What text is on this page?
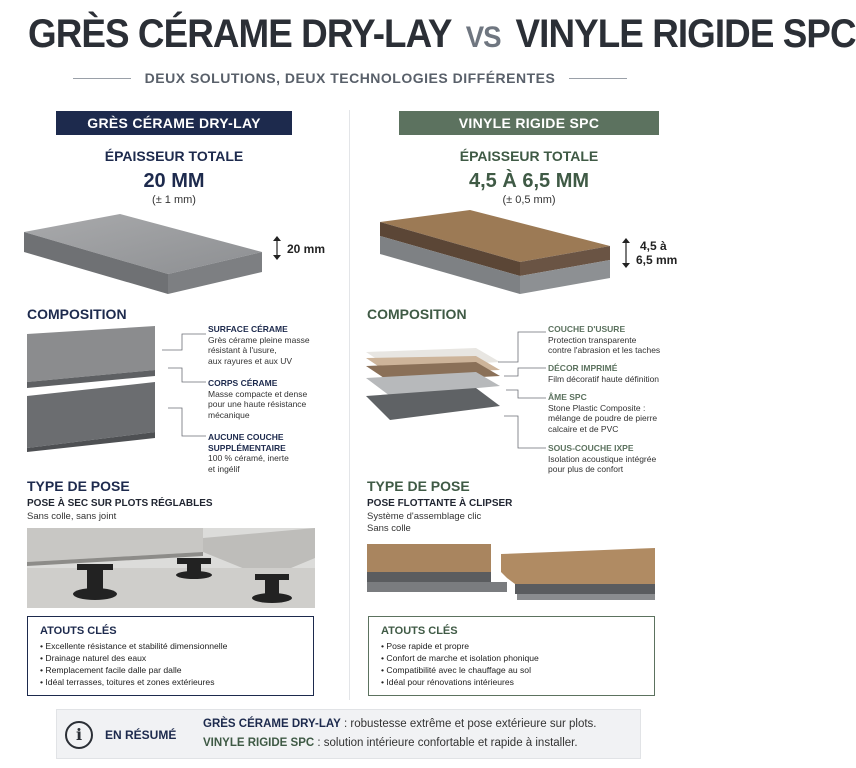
GRÈS CÉRAME DRY-LAY VS VINYLE RIGIDE SPC
DEUX SOLUTIONS, DEUX TECHNOLOGIES DIFFÉRENTES
GRÈS CÉRAME DRY-LAY	VINYLE RIGIDE SPC
ÉPAISSEUR TOTALE
20 MM
(± 1 mm)
ÉPAISSEUR TOTALE
4,5 À 6,5 MM
(± 0,5 mm)
20 mm	4,5 à
6,5 mm
COMPOSITION	COMPOSITION
SURFACE CÉRAME
Grès cérame pleine masse
résistant à l'usure,
aux rayures et aux UV
CORPS CÉRAME
Masse compacte et dense
pour une haute résistance
mécanique
AUCUNE COUCHE
SUPPLÉMENTAIRE
100 % céramé, inerte
et ingélif
COUCHE D'USURE
Protection transparente
contre l'abrasion et les taches
DÉCOR IMPRIMÉ
Film décoratif haute définition
ÂME SPC
Stone Plastic Composite :
mélange de poudre de pierre
calcaire et de PVC
SOUS-COUCHE IXPE
Isolation acoustique intégrée
pour plus de confort
TYPE DE POSE
POSE À SEC SUR PLOTS RÉGLABLES
Sans colle, sans joint
TYPE DE POSE
POSE FLOTTANTE À CLIPSER
Système d'assemblage clic
Sans colle
ATOUTS CLÉS
• Excellente résistance et stabilité dimensionnelle
• Drainage naturel des eaux
• Remplacement facile dalle par dalle
• Idéal terrasses, toitures et zones extérieures
ATOUTS CLÉS
• Pose rapide et propre
• Confort de marche et isolation phonique
• Compatibilité avec le chauffage au sol
• Idéal pour rénovations intérieures
i	EN RÉSUMÉ
GRÈS CÉRAME DRY-LAY : robustesse extrême et pose extérieure sur plots.
VINYLE RIGIDE SPC : solution intérieure confortable et rapide à installer.
